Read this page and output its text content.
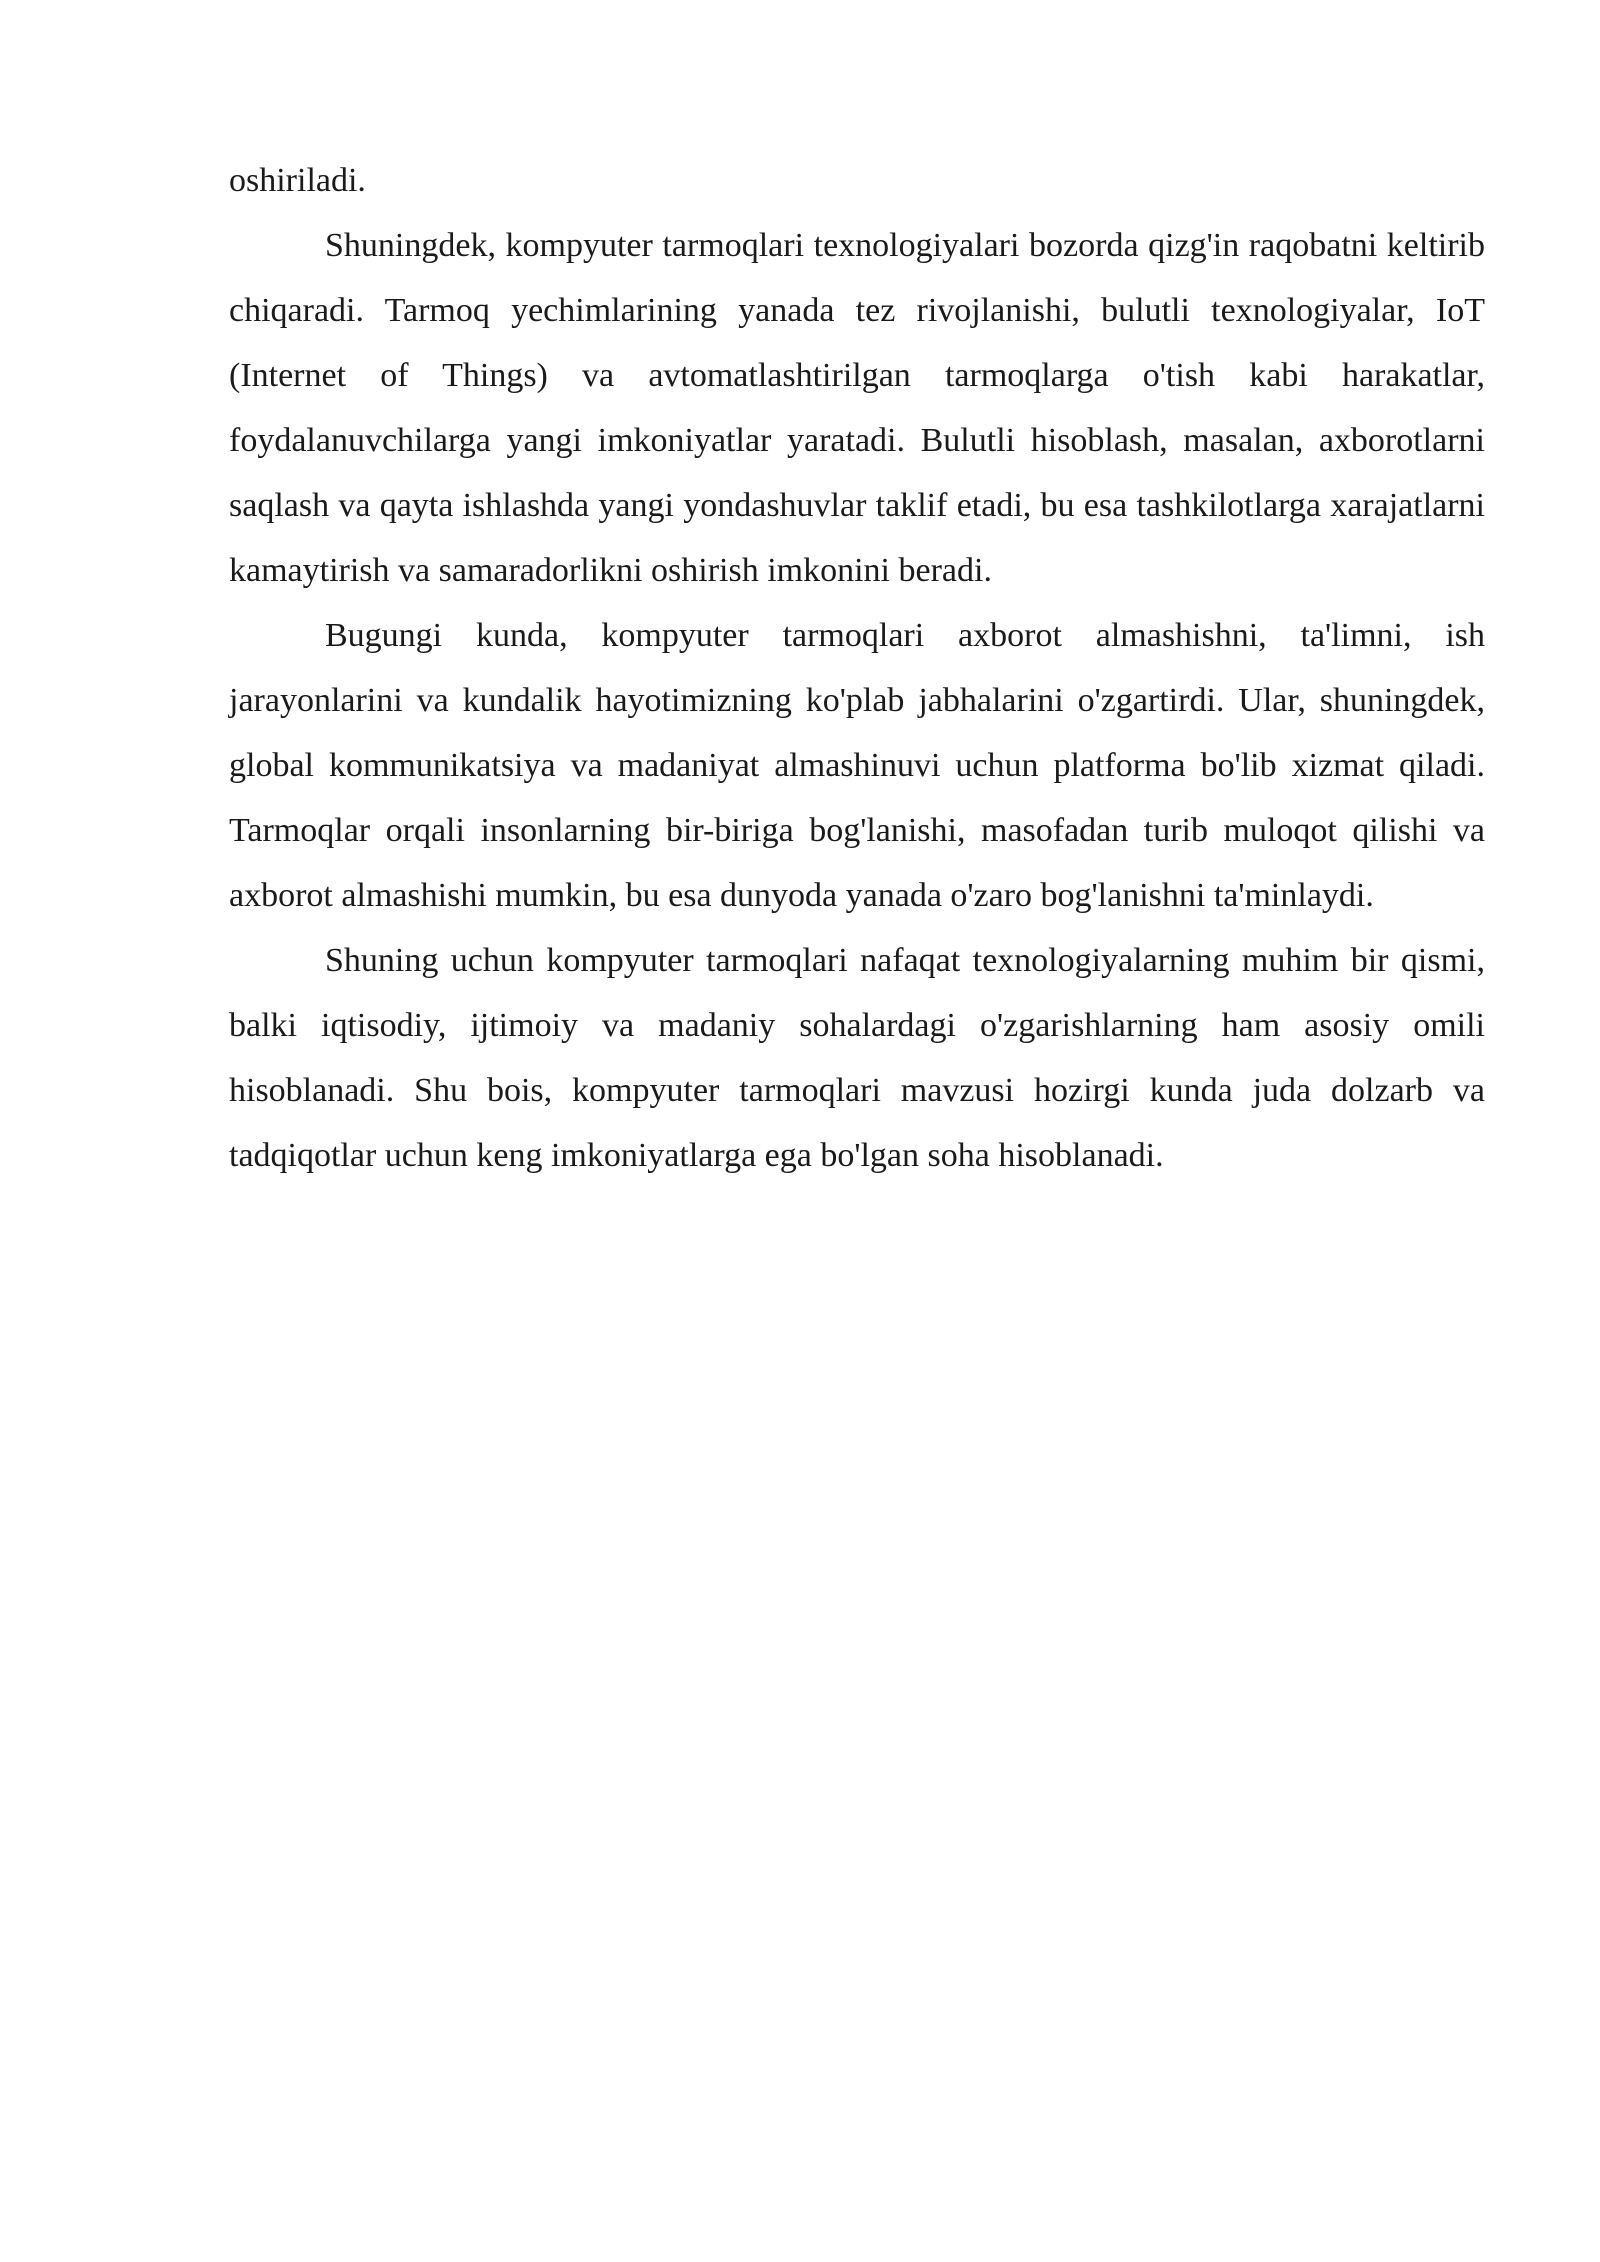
oshiriladi.

Shuningdek, kompyuter tarmoqlari texnologiyalari bozorda qizg'in raqobatni keltirib chiqaradi. Tarmoq yechimlarining yanada tez rivojlanishi, bulutli texnologiyalar, IoT (Internet of Things) va avtomatlashtirilgan tarmoqlarga o'tish kabi harakatlar, foydalanuvchilarga yangi imkoniyatlar yaratadi. Bulutli hisoblash, masalan, axborotlarni saqlash va qayta ishlashda yangi yondashuvlar taklif etadi, bu esa tashkilotlarga xarajatlarni kamaytirish va samaradorlikni oshirish imkonini beradi.

Bugungi kunda, kompyuter tarmoqlari axborot almashishni, ta'limni, ish jarayonlarini va kundalik hayotimizning ko'plab jabhalarini o'zgartirdi. Ular, shuningdek, global kommunikatsiya va madaniyat almashinuvi uchun platforma bo'lib xizmat qiladi. Tarmoqlar orqali insonlarning bir-biriga bog'lanishi, masofadan turib muloqot qilishi va axborot almashishi mumkin, bu esa dunyoda yanada o'zaro bog'lanishni ta'minlaydi.

Shuning uchun kompyuter tarmoqlari nafaqat texnologiyalarning muhim bir qismi, balki iqtisodiy, ijtimoiy va madaniy sohalardagi o'zgarishlarning ham asosiy omili hisoblanadi. Shu bois, kompyuter tarmoqlari mavzusi hozirgi kunda juda dolzarb va tadqiqotlar uchun keng imkoniyatlarga ega bo'lgan soha hisoblanadi.
